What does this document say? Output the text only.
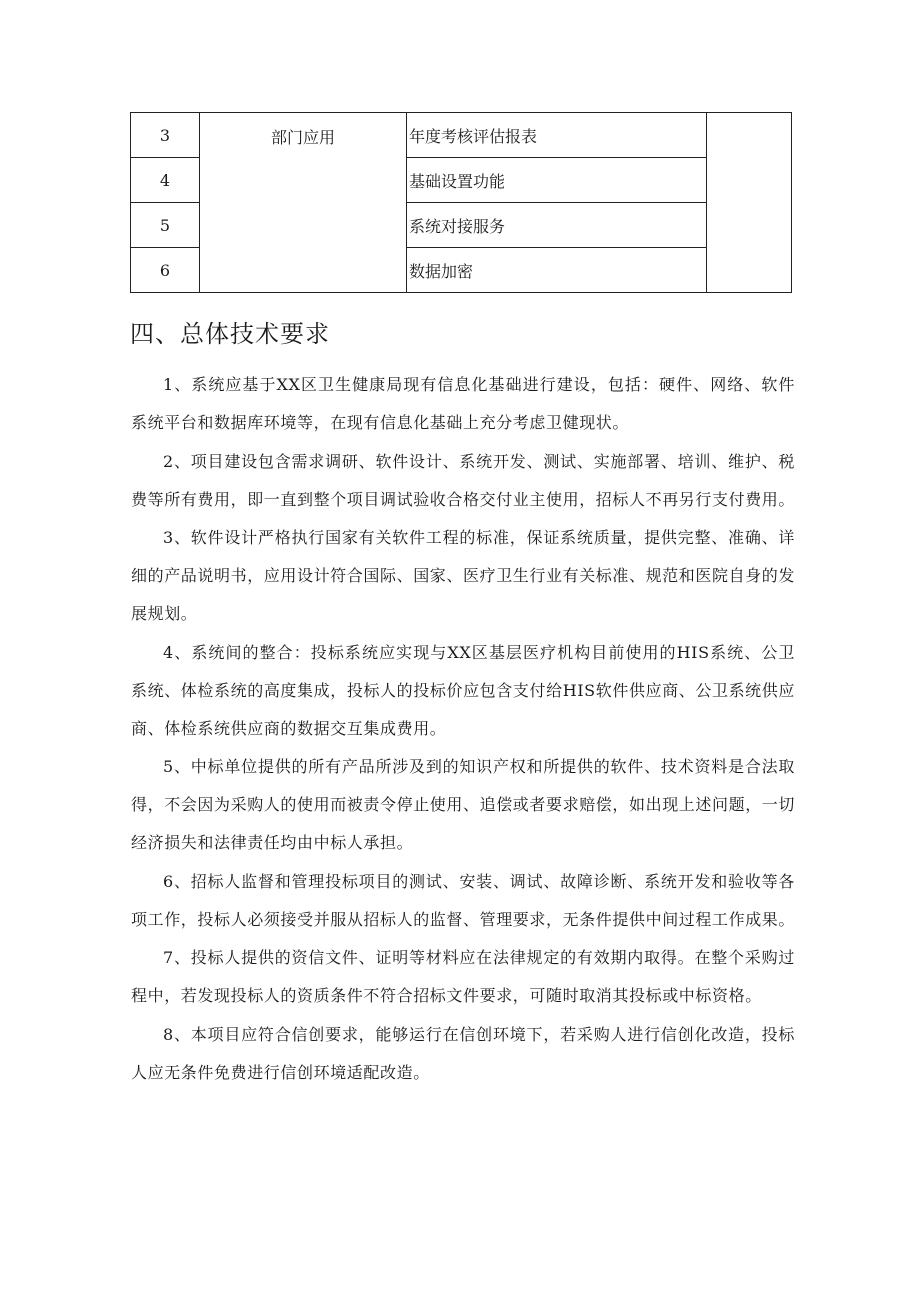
3	部门应用	年度考核评估报表	
4		基础设置功能	
5		系统对接服务	
6		数据加密	
四、总体技术要求

1、系统应基于XX区卫生健康局现有信息化基础进行建设，包括：硬件、网络、软件系统平台和数据库环境等，在现有信息化基础上充分考虑卫健现状。

2、项目建设包含需求调研、软件设计、系统开发、测试、实施部署、培训、维护、税费等所有费用，即一直到整个项目调试验收合格交付业主使用，招标人不再另行支付费用。

3、软件设计严格执行国家有关软件工程的标准，保证系统质量，提供完整、准确、详细的产品说明书，应用设计符合国际、国家、医疗卫生行业有关标准、规范和医院自身的发展规划。

4、系统间的整合：投标系统应实现与XX区基层医疗机构目前使用的HIS系统、公卫系统、体检系统的高度集成，投标人的投标价应包含支付给HIS软件供应商、公卫系统供应商、体检系统供应商的数据交互集成费用。

5、中标单位提供的所有产品所涉及到的知识产权和所提供的软件、技术资料是合法取得，不会因为采购人的使用而被责令停止使用、追偿或者要求赔偿，如出现上述问题，一切经济损失和法律责任均由中标人承担。

6、招标人监督和管理投标项目的测试、安装、调试、故障诊断、系统开发和验收等各项工作，投标人必须接受并服从招标人的监督、管理要求，无条件提供中间过程工作成果。

7、投标人提供的资信文件、证明等材料应在法律规定的有效期内取得。在整个采购过程中，若发现投标人的资质条件不符合招标文件要求，可随时取消其投标或中标资格。

8、本项目应符合信创要求，能够运行在信创环境下，若采购人进行信创化改造，投标人应无条件免费进行信创环境适配改造。
